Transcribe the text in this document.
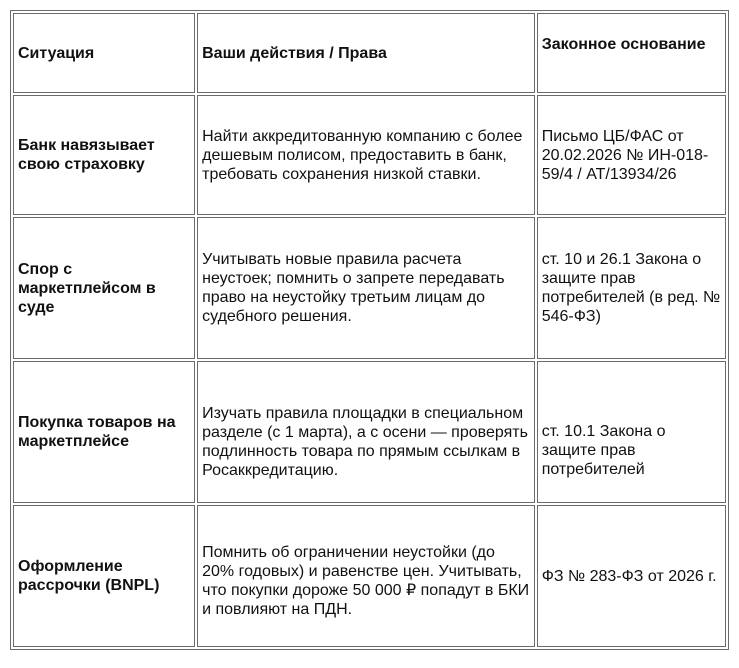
Ситуация	Ваши действия / Права	Законное основание
Банк навязывает свою страховку	Найти аккредитованную компанию с более дешевым полисом, предоставить в банк, требовать сохранения низкой ставки.	Письмо ЦБ/ФАС от 20.02.2026 № ИН-018-59/4 / АТ/13934/26
Спор с маркетплейсом в суде	Учитывать новые правила расчета неустоек; помнить о запрете передавать право на неустойку третьим лицам до судебного решения.	ст. 10 и 26.1 Закона о защите прав потребителей (в ред. № 546-ФЗ)
Покупка товаров на маркетплейсе	Изучать правила площадки в специальном разделе (с 1 марта), а с осени — проверять подлинность товара по прямым ссылкам в Росаккредитацию.	ст. 10.1 Закона о защите прав потребителей
Оформление рассрочки (BNPL)	Помнить об ограничении неустойки (до 20% годовых) и равенстве цен. Учитывать, что покупки дороже 50 000 ₽ попадут в БКИ и повлияют на ПДН.	ФЗ № 283-ФЗ от 2026 г.
